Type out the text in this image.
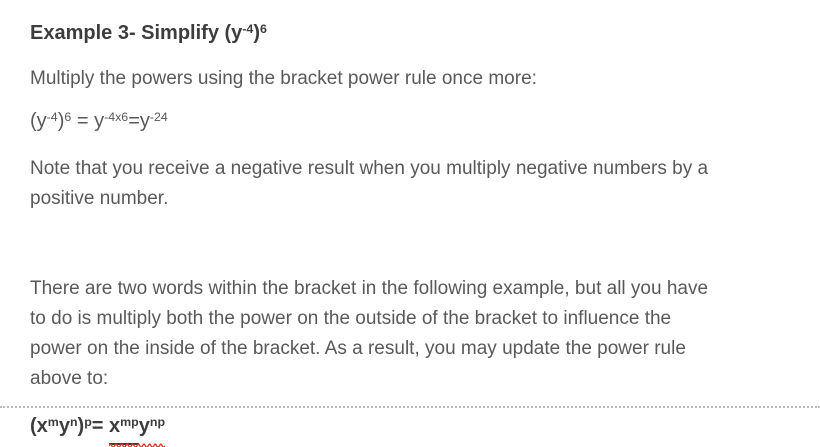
Example 3- Simplify $(y^{-4})^6$
Multiply the powers using the bracket power rule once more:
$(y^{-4})^6 = y^{-4x6}=y^{-24}$
Note that you receive a negative result when you multiply negative numbers by a
positive number.
There are two words within the bracket in the following example, but all you have
to do is multiply both the power on the outside of the bracket to influence the
power on the inside of the bracket. As a result, you may update the power rule
above to:
$(x^my^n)^p= x^{mp}y^{np}$
